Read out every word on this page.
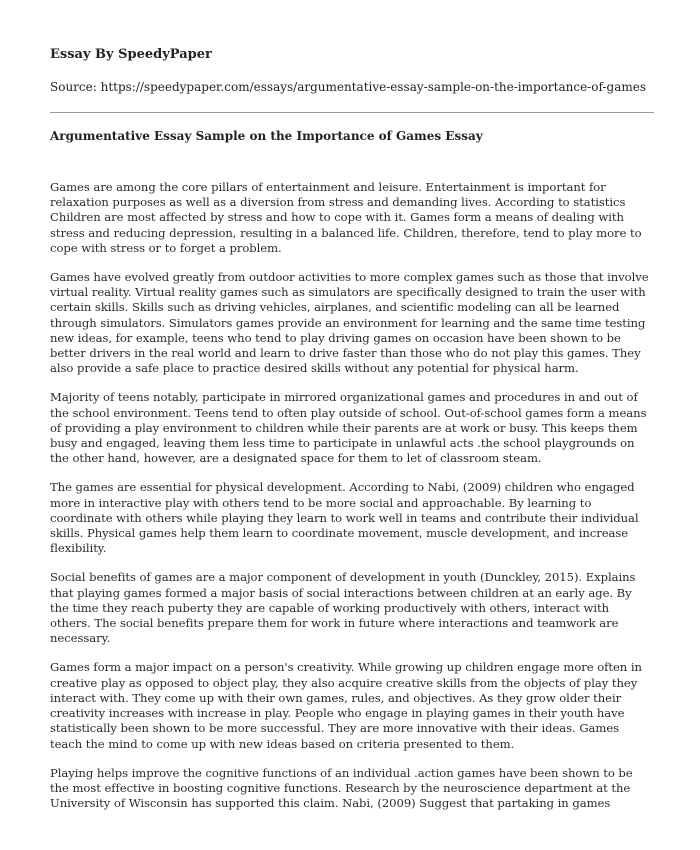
Essay By SpeedyPaper
Source: https://speedypaper.com/essays/argumentative-essay-sample-on-the-importance-of-games
Argumentative Essay Sample on the Importance of Games Essay

Games are among the core pillars of entertainment and leisure. Entertainment is important for relaxation purposes as well as a diversion from stress and demanding lives. According to statistics Children are most affected by stress and how to cope with it. Games form a means of dealing with stress and reducing depression, resulting in a balanced life. Children, therefore, tend to play more to cope with stress or to forget a problem.

Games have evolved greatly from outdoor activities to more complex games such as those that involve virtual reality. Virtual reality games such as simulators are specifically designed to train the user with certain skills. Skills such as driving vehicles, airplanes, and scientific modeling can all be learned through simulators. Simulators games provide an environment for learning and the same time testing new ideas, for example, teens who tend to play driving games on occasion have been shown to be better drivers in the real world and learn to drive faster than those who do not play this games. They also provide a safe place to practice desired skills without any potential for physical harm.

Majority of teens notably, participate in mirrored organizational games and procedures in and out of the school environment. Teens tend to often play outside of school. Out-of-school games form a means of providing a play environment to children while their parents are at work or busy. This keeps them busy and engaged, leaving them less time to participate in unlawful acts .the school playgrounds on the other hand, however, are a designated space for them to let of classroom steam.

The games are essential for physical development. According to Nabi, (2009) children who engaged more in interactive play with others tend to be more social and approachable. By learning to coordinate with others while playing they learn to work well in teams and contribute their individual skills. Physical games help them learn to coordinate movement, muscle development, and increase flexibility.

Social benefits of games are a major component of development in youth (Dunckley, 2015). Explains that playing games formed a major basis of social interactions between children at an early age. By the time they reach puberty they are capable of working productively with others, interact with others. The social benefits prepare them for work in future where interactions and teamwork are necessary.

Games form a major impact on a person's creativity. While growing up children engage more often in creative play as opposed to object play, they also acquire creative skills from the objects of play they interact with. They come up with their own games, rules, and objectives. As they grow older their creativity increases with increase in play. People who engage in playing games in their youth have statistically been shown to be more successful. They are more innovative with their ideas. Games teach the mind to come up with new ideas based on criteria presented to them.

Playing helps improve the cognitive functions of an individual .action games have been shown to be the most effective in boosting cognitive functions. Research by the neuroscience department at the University of Wisconsin has supported this claim. Nabi, (2009) Suggest that partaking in games
